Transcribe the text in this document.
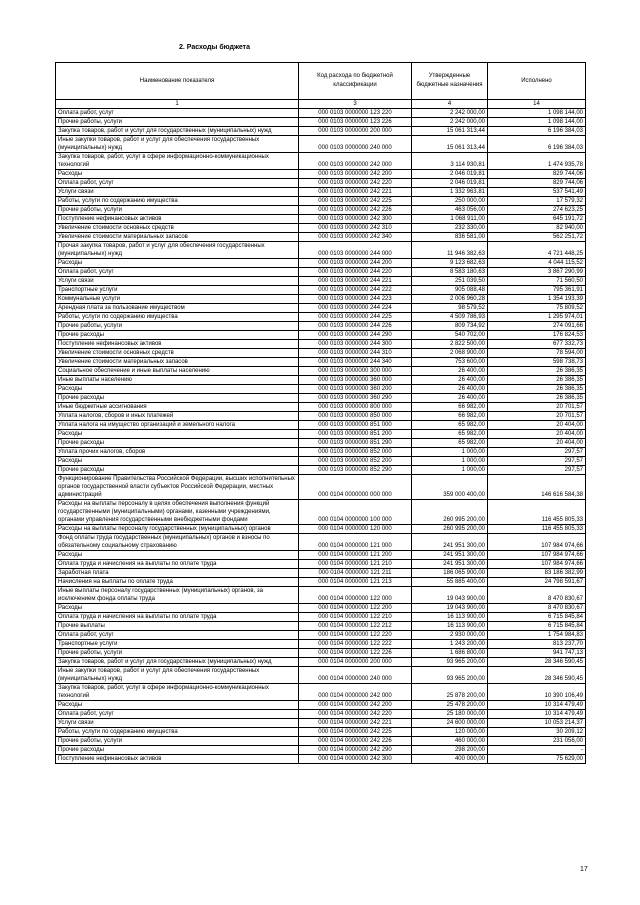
2. Расходы бюджета
Наименование показателя	Код расхода по бюджетной классификации	Утвержденные бюджетные назначения	Исполнено
1	3	4	14
Оплата работ, услуг	000 0103 0000000 123 220	2 242 000,00	1 098 144,00
Прочие работы, услуги	000 0103 0000000 123 226	2 242 000,00	1 098 144,00
Закупка товаров, работ и услуг для государственных (муниципальных) нужд	000 0103 0000000 200 000	15 061 313,44	6 196 384,03
Иные закупки товаров, работ и услуг для обеспечения государственных (муниципальных) нужд	000 0103 0000000 240 000	15 061 313,44	6 196 384,03
Закупка товаров, работ, услуг в сфере информационно-коммуникационных технологий	000 0103 0000000 242 000	3 114 930,81	1 474 935,78
Расходы	000 0103 0000000 242 200	2 046 019,81	829 744,06
Оплата работ, услуг	000 0103 0000000 242 220	2 046 019,81	829 744,06
Услуги связи	000 0103 0000000 242 221	1 332 963,81	537 541,49
Работы, услуги по содержанию имущества	000 0103 0000000 242 225	250 000,00	17 579,32
Прочие работы, услуги	000 0103 0000000 242 226	463 056,00	274 623,25
Поступление нефинансовых активов	000 0103 0000000 242 300	1 068 911,00	645 191,72
Увеличение стоимости основных средств	000 0103 0000000 242 310	232 330,00	82 940,00
Увеличение стоимости материальных запасов	000 0103 0000000 242 340	836 581,00	562 251,72
Прочая закупка товаров, работ и услуг для обеспечения государственных (муниципальных) нужд	000 0103 0000000 244 000	11 946 382,63	4 721 448,25
Расходы	000 0103 0000000 244 200	9 123 682,63	4 044 115,52
Оплата работ, услуг	000 0103 0000000 244 220	8 583 180,63	3 867 290,99
Услуги связи	000 0103 0000000 244 221	251 039,50	71 560,50
Транспортные услуги	000 0103 0000000 244 222	905 088,48	795 361,91
Коммунальные услуги	000 0103 0000000 244 223	2 006 960,28	1 354 193,39
Арендная плата за пользование имуществом	000 0103 0000000 244 224	98 579,52	75 809,52
Работы, услуги по содержанию имущества	000 0103 0000000 244 225	4 509 786,93	1 295 974,01
Прочие работы, услуги	000 0103 0000000 244 226	809 734,92	274 091,66
Прочие расходы	000 0103 0000000 244 290	540 702,00	176 824,53
Поступление нефинансовых активов	000 0103 0000000 244 300	2 822 500,00	677 332,73
Увеличение стоимости основных средств	000 0103 0000000 244 310	2 068 900,00	78 594,00
Увеличение стоимости материальных запасов	000 0103 0000000 244 340	753 600,00	598 738,73
Социальное обеспечение и иные выплаты населению	000 0103 0000000 300 000	26 400,00	26 386,35
Иные выплаты населению	000 0103 0000000 360 000	26 400,00	26 386,35
Расходы	000 0103 0000000 360 200	26 400,00	26 386,35
Прочие расходы	000 0103 0000000 360 290	26 400,00	26 386,35
Иные бюджетные ассигнования	000 0103 0000000 800 000	66 982,00	20 701,57
Уплата налогов, сборов и иных платежей	000 0103 0000000 850 000	66 982,00	20 701,57
Уплата налога на имущество организаций и земельного налога	000 0103 0000000 851 000	65 982,00	20 404,00
Расходы	000 0103 0000000 851 200	65 982,00	20 404,00
Прочие расходы	000 0103 0000000 851 290	65 982,00	20 404,00
Уплата прочих налогов, сборов	000 0103 0000000 852 000	1 000,00	297,57
Расходы	000 0103 0000000 852 200	1 000,00	297,57
Прочие расходы	000 0103 0000000 852 290	1 000,00	297,57
Функционирование Правительства Российской Федерации, высших исполнительных органов государственной власти субъектов Российской Федерации, местных администраций	000 0104 0000000 000 000	359 000 400,00	146 616 584,38
Расходы на выплаты персоналу в целях обеспечения выполнения функций государственными (муниципальными) органами, казенными учреждениями, органами управления государственными внебюджетными фондами	000 0104 0000000 100 000	260 995 200,00	116 455 805,33
Расходы на выплаты персоналу государственных (муниципальных) органов	000 0104 0000000 120 000	260 995 200,00	116 455 805,33
Фонд оплаты труда государственных (муниципальных) органов и взносы по обязательному социальному страхованию	000 0104 0000000 121 000	241 951 300,00	107 984 974,66
Расходы	000 0104 0000000 121 200	241 951 300,00	107 984 974,66
Оплата труда и начисления на выплаты по оплате труда	000 0104 0000000 121 210	241 951 300,00	107 984 974,66
Заработная плата	000 0104 0000000 121 211	186 065 900,00	83 186 382,99
Начисления на выплаты по оплате труда	000 0104 0000000 121 213	55 885 400,00	24 798 591,67
Иные выплаты персоналу государственных (муниципальных) органов, за исключением фонда оплаты труда	000 0104 0000000 122 000	19 043 900,00	8 470 830,67
Расходы	000 0104 0000000 122 200	19 043 900,00	8 470 830,67
Оплата труда и начисления на выплаты по оплате труда	000 0104 0000000 122 210	16 113 900,00	6 715 845,84
Прочие выплаты	000 0104 0000000 122 212	16 113 900,00	6 715 845,84
Оплата работ, услуг	000 0104 0000000 122 220	2 930 000,00	1 754 984,83
Транспортные услуги	000 0104 0000000 122 222	1 243 200,00	813 237,70
Прочие работы, услуги	000 0104 0000000 122 226	1 686 800,00	941 747,13
Закупка товаров, работ и услуг для государственных (муниципальных) нужд	000 0104 0000000 200 000	93 965 200,00	28 346 590,45
Иные закупки товаров, работ и услуг для обеспечения государственных (муниципальных) нужд	000 0104 0000000 240 000	93 965 200,00	28 346 590,45
Закупка товаров, работ, услуг в сфере информационно-коммуникационных технологий	000 0104 0000000 242 000	25 878 200,00	10 390 106,49
Расходы	000 0104 0000000 242 200	25 478 200,00	10 314 479,49
Оплата работ, услуг	000 0104 0000000 242 220	25 180 000,00	10 314 479,49
Услуги связи	000 0104 0000000 242 221	24 600 000,00	10 053 214,37
Работы, услуги по содержанию имущества	000 0104 0000000 242 225	120 000,00	30 209,12
Прочие работы, услуги	000 0104 0000000 242 226	460 000,00	231 056,00
Прочие расходы	000 0104 0000000 242 290	298 200,00	-
Поступление нефинансовых активов	000 0104 0000000 242 300	400 000,00	75 629,00
17
